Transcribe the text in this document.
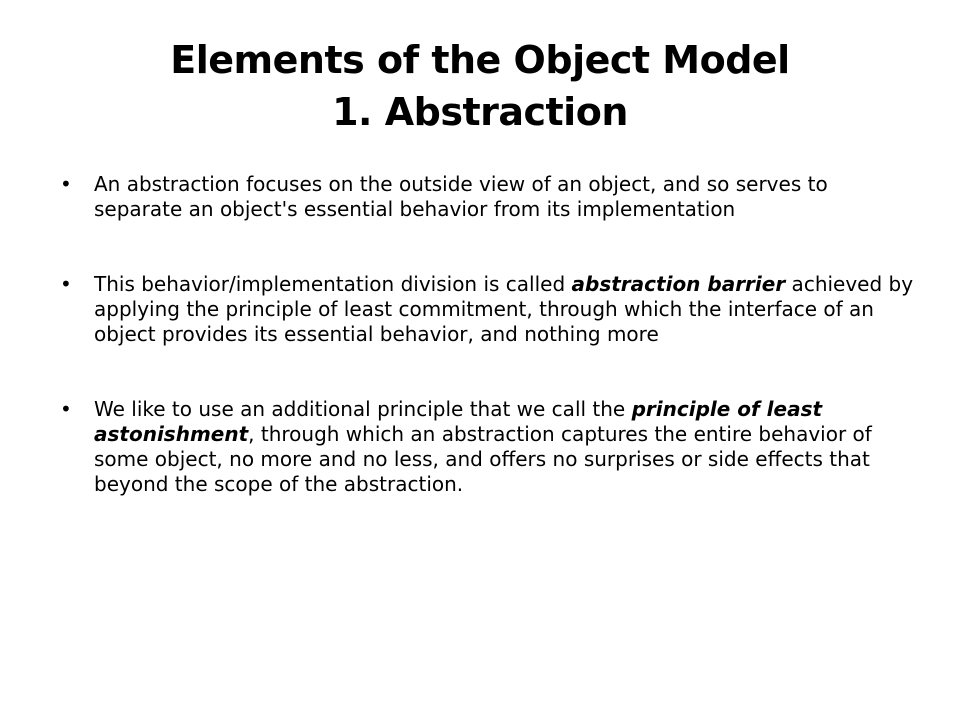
Elements of the Object Model
1. Abstraction
• An abstraction focuses on the outside view of an object, and so serves to separate an object's essential behavior from its implementation
• This behavior/implementation division is called abstraction barrier achieved by applying the principle of least commitment, through which the interface of an object provides its essential behavior, and nothing more
• We like to use an additional principle that we call the principle of least astonishment, through which an abstraction captures the entire behavior of some object, no more and no less, and offers no surprises or side effects that beyond the scope of the abstraction.
